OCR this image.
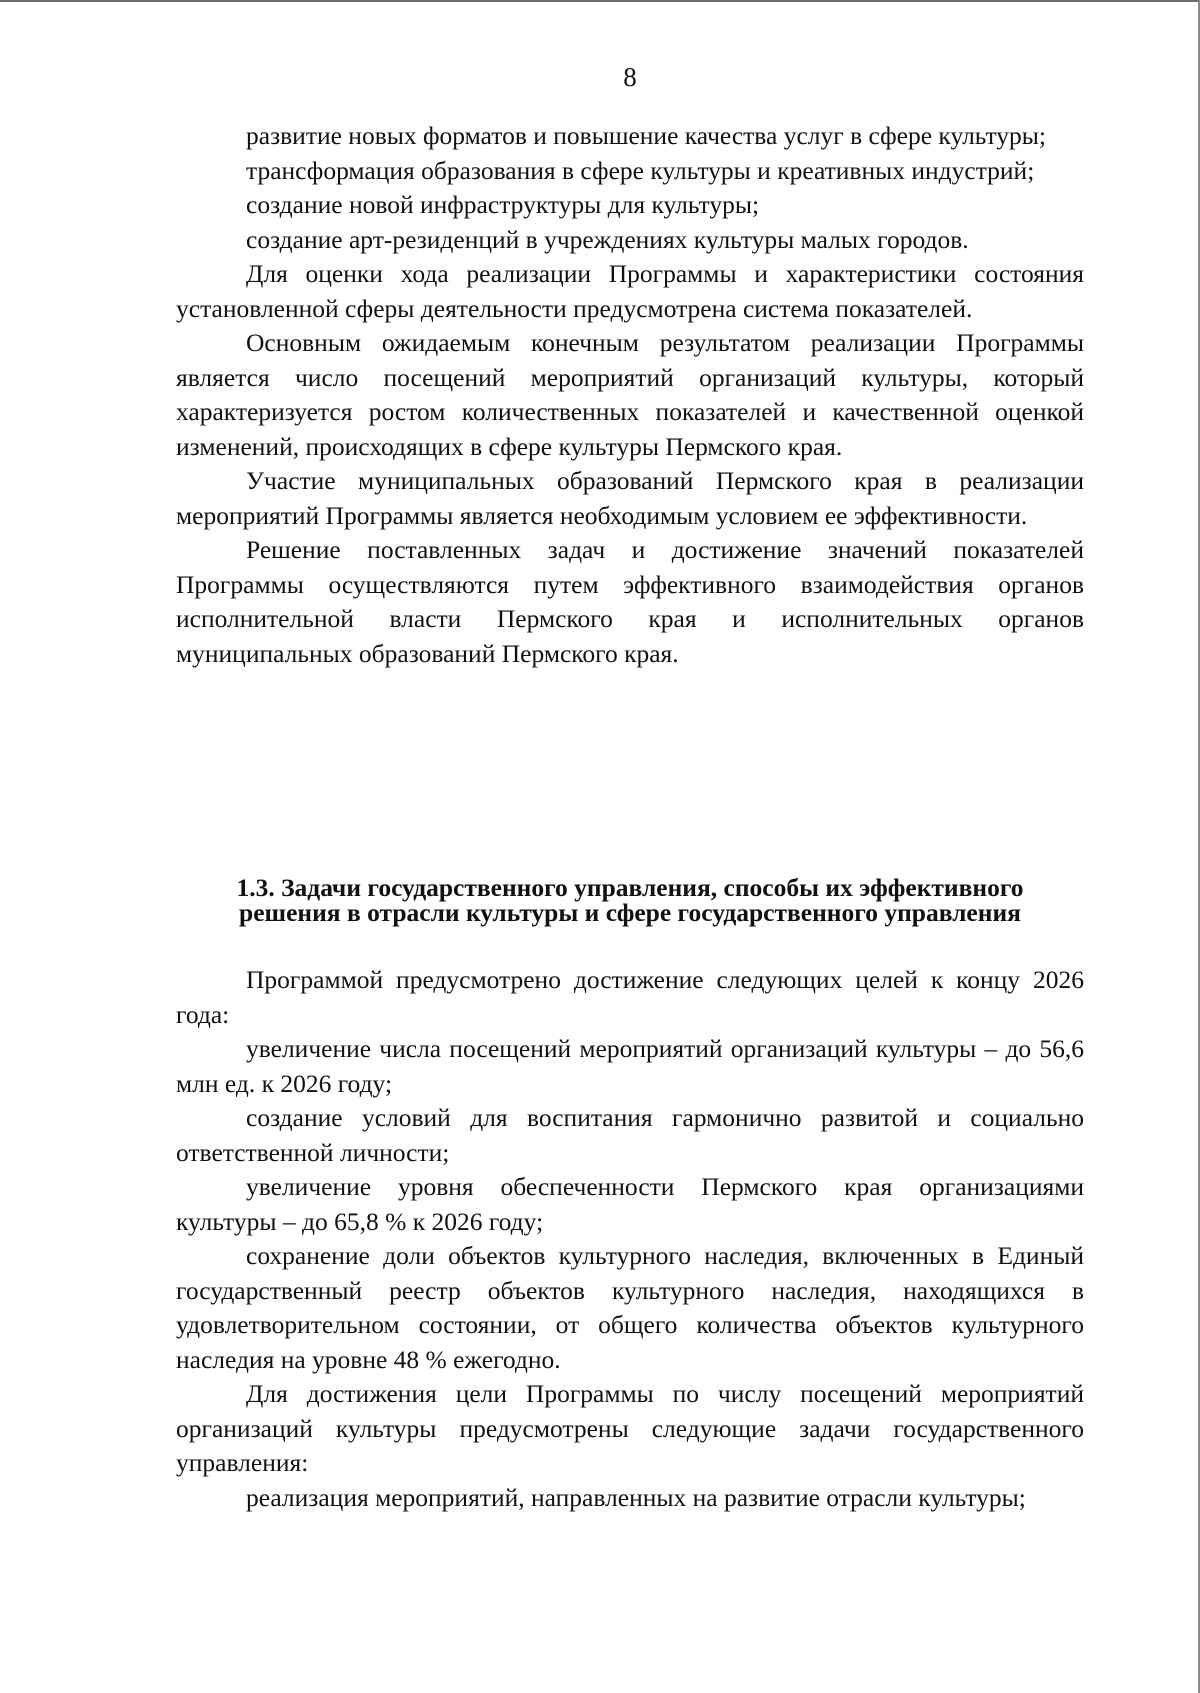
8

развитие новых форматов и повышение качества услуг в сфере культуры;

трансформация образования в сфере культуры и креативных индустрий;

создание новой инфраструктуры для культуры;

создание арт-резиденций в учреждениях культуры малых городов.

Для оценки хода реализации Программы и характеристики состояния установленной сферы деятельности предусмотрена система показателей.

Основным ожидаемым конечным результатом реализации Программы является число посещений мероприятий организаций культуры, который характеризуется ростом количественных показателей и качественной оценкой изменений, происходящих в сфере культуры Пермского края.

Участие муниципальных образований Пермского края в реализации мероприятий Программы является необходимым условием ее эффективности.

Решение поставленных задач и достижение значений показателей Программы осуществляются путем эффективного взаимодействия органов исполнительной власти Пермского края и исполнительных органов муниципальных образований Пермского края.

1.3. Задачи государственного управления, способы их эффективного
решения в отрасли культуры и сфере государственного управления

Программой предусмотрено достижение следующих целей к концу 2026 года:

увеличение числа посещений мероприятий организаций культуры – до 56,6 млн ед. к 2026 году;

создание условий для воспитания гармонично развитой и социально ответственной личности;

увеличение уровня обеспеченности Пермского края организациями культуры – до 65,8 % к 2026 году;

сохранение доли объектов культурного наследия, включенных в Единый государственный реестр объектов культурного наследия, находящихся в удовлетворительном состоянии, от общего количества объектов культурного наследия на уровне 48 % ежегодно.

Для достижения цели Программы по числу посещений мероприятий организаций культуры предусмотрены следующие задачи государственного управления:

реализация мероприятий, направленных на развитие отрасли культуры;
